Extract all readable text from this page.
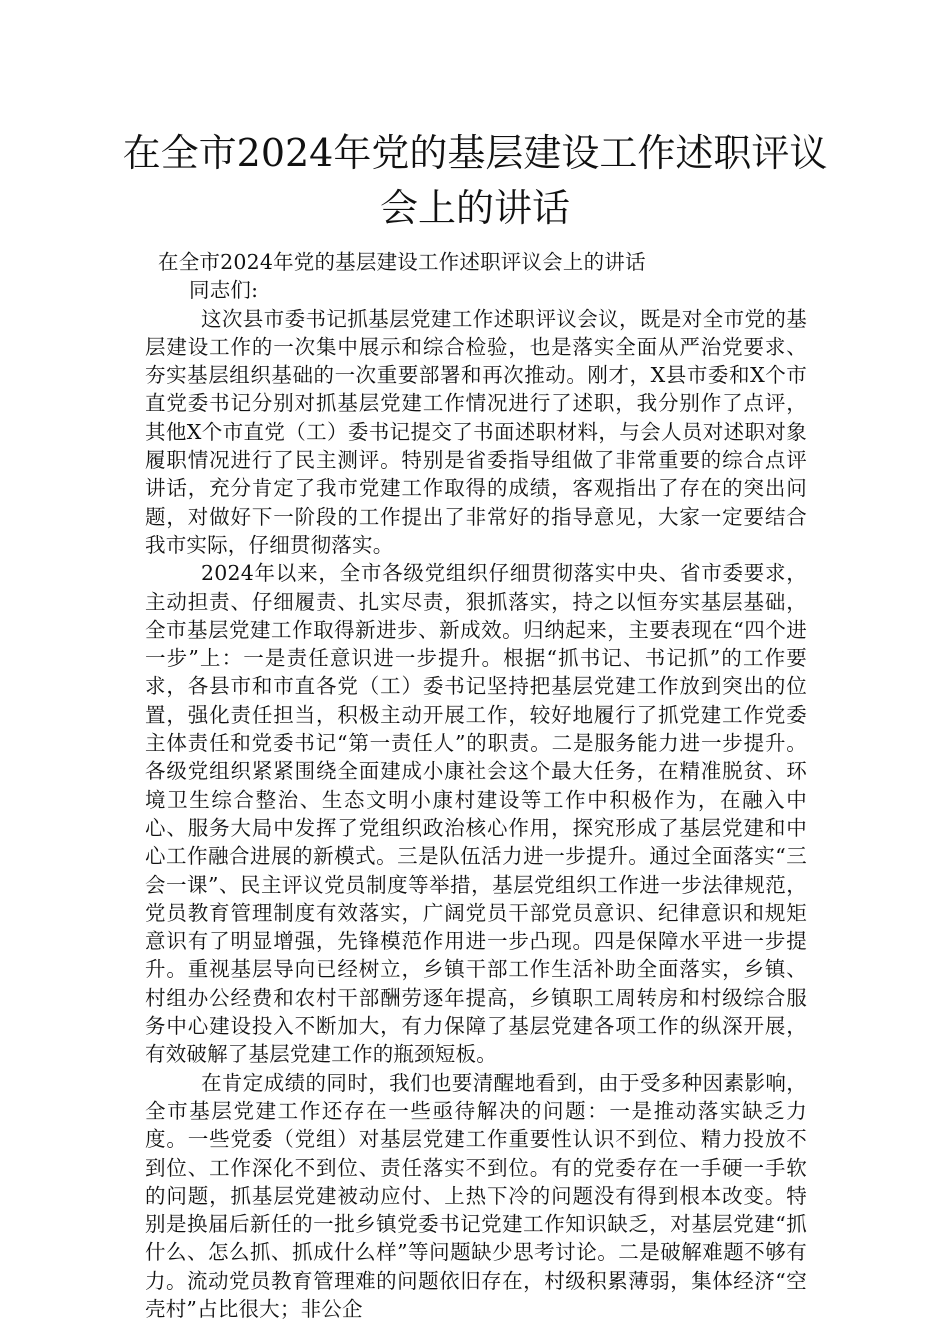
在全市2024年党的基层建设工作述职评议会上的讲话

在全市2024年党的基层建设工作述职评议会上的讲话

同志们:

这次县市委书记抓基层党建工作述职评议会议，既是对全市党的基层建设工作的一次集中展示和综合检验，也是落实全面从严治党要求、夯实基层组织基础的一次重要部署和再次推动。刚才，X县市委和X个市直党委书记分别对抓基层党建工作情况进行了述职，我分别作了点评，其他X个市直党（工）委书记提交了书面述职材料，与会人员对述职对象履职情况进行了民主测评。特别是省委指导组做了非常重要的综合点评讲话，充分肯定了我市党建工作取得的成绩，客观指出了存在的突出问题，对做好下一阶段的工作提出了非常好的指导意见，大家一定要结合我市实际，仔细贯彻落实。

2024年以来，全市各级党组织仔细贯彻落实中央、省市委要求，主动担责、仔细履责、扎实尽责，狠抓落实，持之以恒夯实基层基础，全市基层党建工作取得新进步、新成效。归纳起来，主要表现在“四个进一步”上：一是责任意识进一步提升。根据“抓书记、书记抓”的工作要求，各县市和市直各党（工）委书记坚持把基层党建工作放到突出的位置，强化责任担当，积极主动开展工作，较好地履行了抓党建工作党委主体责任和党委书记“第一责任人”的职责。二是服务能力进一步提升。各级党组织紧紧围绕全面建成小康社会这个最大任务，在精准脱贫、环境卫生综合整治、生态文明小康村建设等工作中积极作为，在融入中心、服务大局中发挥了党组织政治核心作用，探究形成了基层党建和中心工作融合进展的新模式。三是队伍活力进一步提升。通过全面落实“三会一课”、民主评议党员制度等举措，基层党组织工作进一步法律规范，党员教育管理制度有效落实，广阔党员干部党员意识、纪律意识和规矩意识有了明显增强，先锋模范作用进一步凸现。四是保障水平进一步提升。重视基层导向已经树立，乡镇干部工作生活补助全面落实，乡镇、村组办公经费和农村干部酬劳逐年提高，乡镇职工周转房和村级综合服务中心建设投入不断加大，有力保障了基层党建各项工作的纵深开展，有效破解了基层党建工作的瓶颈短板。

在肯定成绩的同时，我们也要清醒地看到，由于受多种因素影响，全市基层党建工作还存在一些亟待解决的问题：一是推动落实缺乏力度。一些党委（党组）对基层党建工作重要性认识不到位、精力投放不到位、工作深化不到位、责任落实不到位。有的党委存在一手硬一手软的问题，抓基层党建被动应付、上热下冷的问题没有得到根本改变。特别是换届后新任的一批乡镇党委书记党建工作知识缺乏，对基层党建“抓什么、怎么抓、抓成什么样”等问题缺少思考讨论。二是破解难题不够有力。流动党员教育管理难的问题依旧存在，村级积累薄弱，集体经济“空壳村”占比很大；非公企
